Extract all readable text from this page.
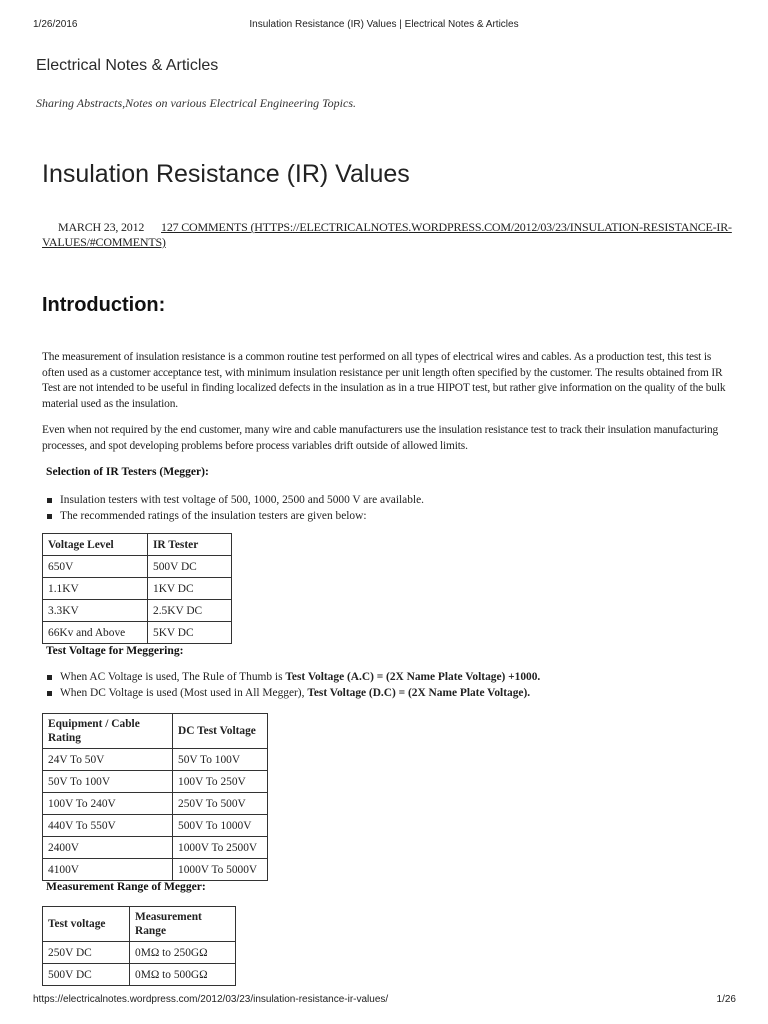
1/26/2016	Insulation Resistance (IR) Values | Electrical Notes & Articles
Electrical Notes & Articles
Sharing Abstracts,Notes on various Electrical Engineering Topics.
Insulation Resistance (IR) Values
MARCH 23, 2012 127 COMMENTS (HTTPS://ELECTRICALNOTES.WORDPRESS.COM/2012/03/23/INSULATION-RESISTANCE-IR-VALUES/#COMMENTS)
Introduction:

The measurement of insulation resistance is a common routine test performed on all types of electrical wires and cables. As a production test, this test is often used as a customer acceptance test, with minimum insulation resistance per unit length often specified by the customer. The results obtained from IR Test are not intended to be useful in finding localized defects in the insulation as in a true HIPOT test, but rather give information on the quality of the bulk material used as the insulation.

Even when not required by the end customer, many wire and cable manufacturers use the insulation resistance test to track their insulation manufacturing processes, and spot developing problems before process variables drift outside of allowed limits.

Selection of IR Testers (Megger):

Insulation testers with test voltage of 500, 1000, 2500 and 5000 V are available.
The recommended ratings of the insulation testers are given below:
Voltage Level	IR Tester
650V	500V DC
1.1KV	1KV DC
3.3KV	2.5KV DC
66Kv and Above	5KV DC

Test Voltage for Meggering:

When AC Voltage is used, The Rule of Thumb is Test Voltage (A.C) = (2X Name Plate Voltage) +1000.
When DC Voltage is used (Most used in All Megger), Test Voltage (D.C) = (2X Name Plate Voltage).
Equipment / Cable Rating	DC Test Voltage
24V To 50V	50V To 100V
50V To 100V	100V To 250V
100V To 240V	250V To 500V
440V To 550V	500V To 1000V
2400V	1000V To 2500V
4100V	1000V To 5000V

Measurement Range of Megger:

Test voltage	Measurement Range
250V DC	0MΩ to 250GΩ
500V DC	0MΩ to 500GΩ
https://electricalnotes.wordpress.com/2012/03/23/insulation-resistance-ir-values/	1/26
